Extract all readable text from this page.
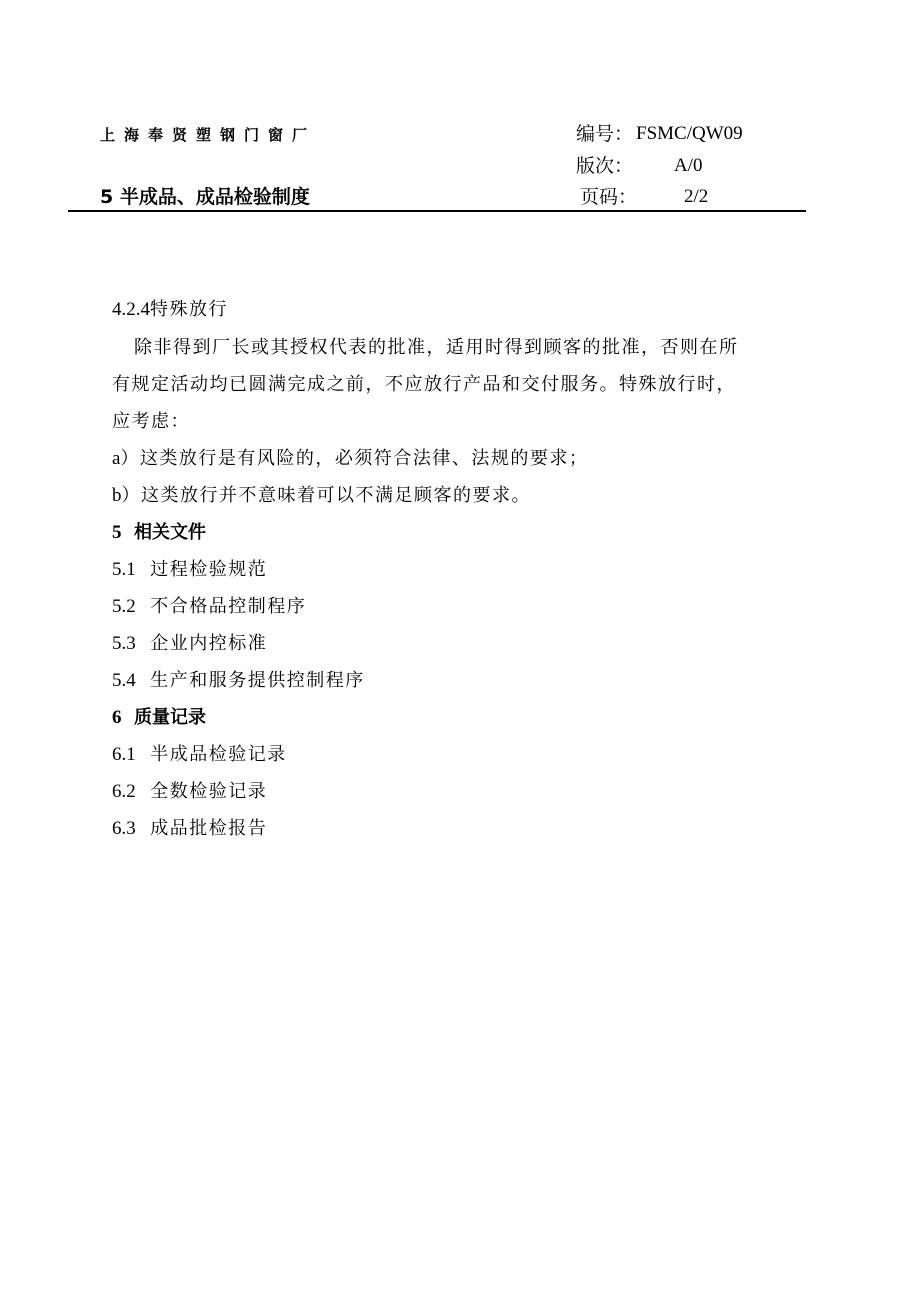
上海奉贤塑钢门窗厂	编号： FSMC/QW09
版次： A/0
5 半成品、成品检验制度	页码： 2/2
4.2.4特殊放行
除非得到厂长或其授权代表的批准，适用时得到顾客的批准，否则在所
有规定活动均已圆满完成之前，不应放行产品和交付服务。特殊放行时，
应考虑：
a）这类放行是有风险的，必须符合法律、法规的要求；
b）这类放行并不意味着可以不满足顾客的要求。
5 相关文件
5.1 过程检验规范
5.2 不合格品控制程序
5.3 企业内控标准
5.4 生产和服务提供控制程序
6 质量记录
6.1 半成品检验记录
6.2 全数检验记录
6.3 成品批检报告
